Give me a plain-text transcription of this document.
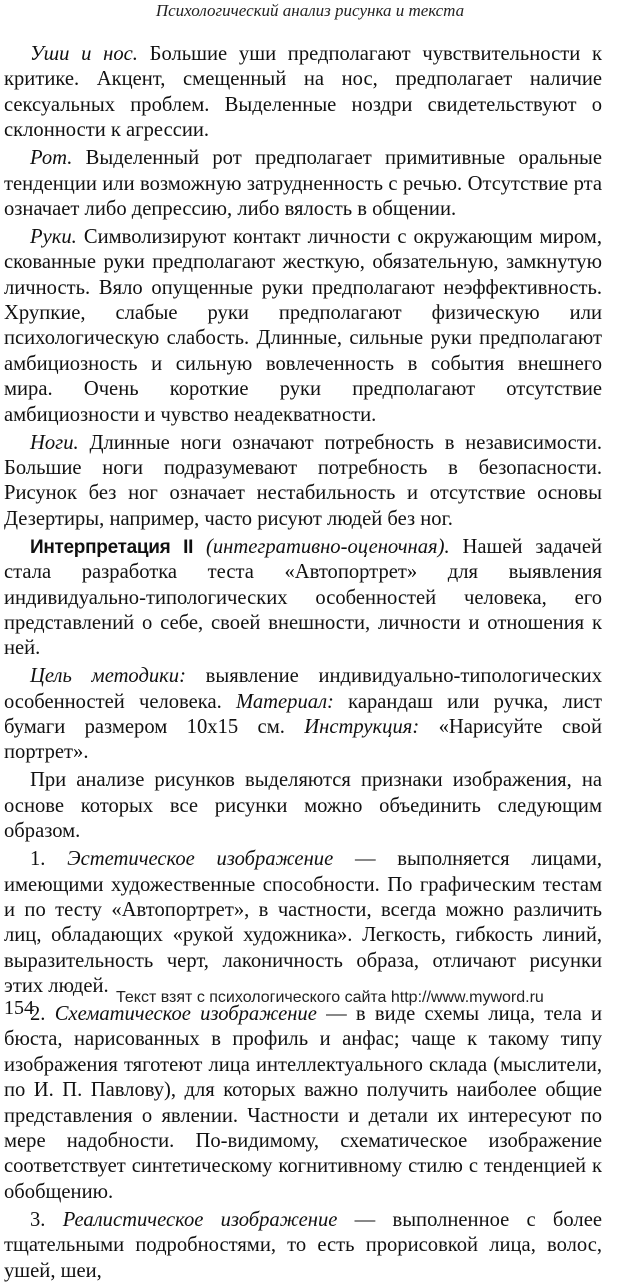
Психологический анализ рисунка и текста

Уши и нос. Большие уши предполагают чувствительности к критике. Акцент, смещенный на нос, предполагает наличие сексуальных проблем. Выделенные ноздри свидетельствуют о склонности к агрессии.

Рот. Выделенный рот предполагает примитивные оральные тенденции или возможную затрудненность с речью. Отсутствие рта означает либо депрессию, либо вялость в общении.

Руки. Символизируют контакт личности с окружающим миром, скованные руки предполагают жесткую, обязательную, замкнутую личность. Вяло опущенные руки предполагают неэффективность. Хрупкие, слабые руки предполагают физическую или психологическую слабость. Длинные, сильные руки предполагают амбициозность и сильную вовлеченность в события внешнего мира. Очень короткие руки предполагают отсутствие амбициозности и чувство неадекватности.

Ноги. Длинные ноги означают потребность в независимости. Большие ноги подразумевают потребность в безопасности. Рисунок без ног означает нестабильность и отсутствие основы Дезертиры, например, часто рисуют людей без ног.

Интерпретация II (интегративно-оценочная). Нашей задачей стала разработка теста «Автопортрет» для выявления индивидуально-типологических особенностей человека, его представлений о себе, своей внешности, личности и отношения к ней.

Цель методики: выявление индивидуально-типологических особенностей человека. Материал: карандаш или ручка, лист бумаги размером 10x15 см. Инструкция: «Нарисуйте свой портрет».

При анализе рисунков выделяются признаки изображения, на основе которых все рисунки можно объединить следующим образом.

1. Эстетическое изображение — выполняется лицами, имеющими художественные способности. По графическим тестам и по тесту «Автопортрет», в частности, всегда можно различить лиц, обладающих «рукой художника». Легкость, гибкость линий, выразительность черт, лаконичность образа, отличают рисунки этих людей.

2. Схематическое изображение — в виде схемы лица, тела и бюста, нарисованных в профиль и анфас; чаще к такому типу изображения тяготеют лица интеллектуального склада (мыслители, по И. П. Павлову), для которых важно получить наиболее общие представления о явлении. Частности и детали их интересуют по мере надобности. По-видимому, схематическое изображение соответствует синтетическому когнитивному стилю с тенденцией к обобщению.

3. Реалистическое изображение — выполненное с более тщательными подробностями, то есть прорисовкой лица, волос, ушей, шеи,

154	Текст взят с психологического сайта http://www.myword.ru
